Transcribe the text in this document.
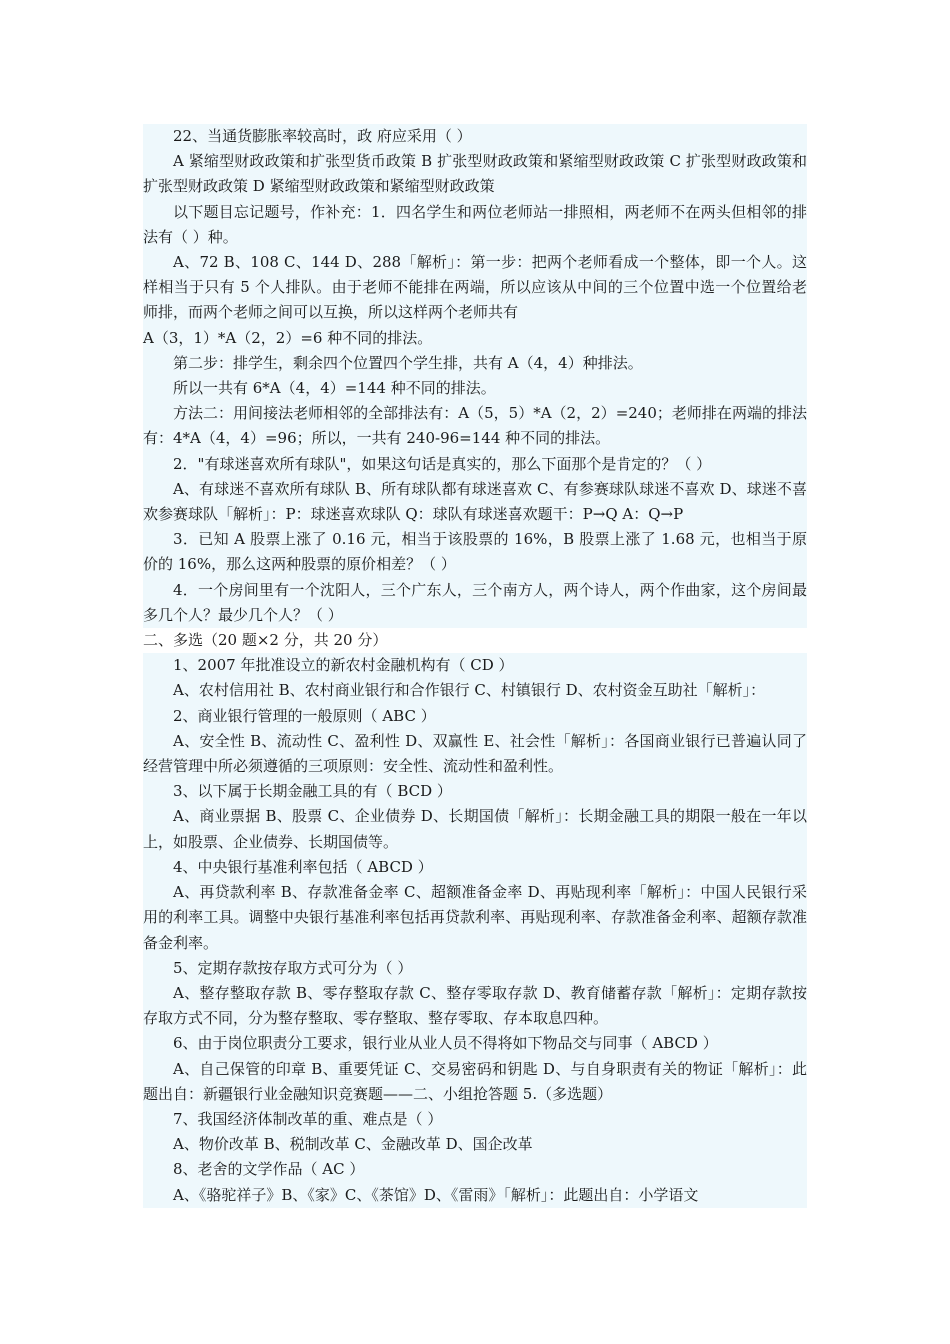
22、当通货膨胀率较高时，政 府应采用（ ）

A 紧缩型财政政策和扩张型货币政策 B 扩张型财政政策和紧缩型财政政策 C 扩张型财政政策和扩张型财政政策 D 紧缩型财政政策和紧缩型财政政策

以下题目忘记题号，作补充：1．四名学生和两位老师站一排照相，两老师不在两头但相邻的排法有（ ）种。

A、72 B、108 C、144 D、288「解析」：第一步：把两个老师看成一个整体，即一个人。这样相当于只有 5 个人排队。由于老师不能排在两端，所以应该从中间的三个位置中选一个位置给老师排，而两个老师之间可以互换，所以这样两个老师共有

A（3，1）*A（2，2）=6 种不同的排法。

第二步：排学生，剩余四个位置四个学生排，共有 A（4，4）种排法。

所以一共有 6*A（4，4）=144 种不同的排法。

方法二：用间接法老师相邻的全部排法有：A（5，5）*A（2，2）=240；老师排在两端的排法有：4*A（4，4）=96；所以，一共有 240-96=144 种不同的排法。

2．"有球迷喜欢所有球队"，如果这句话是真实的，那么下面那个是肯定的？（ ）

A、有球迷不喜欢所有球队 B、所有球队都有球迷喜欢 C、有参赛球队球迷不喜欢 D、球迷不喜欢参赛球队「解析」：P：球迷喜欢球队 Q：球队有球迷喜欢题干：P→Q A：Q→P

3．已知 A 股票上涨了 0.16 元，相当于该股票的 16%，B 股票上涨了 1.68 元，也相当于原价的 16%，那么这两种股票的原价相差？（ ）

4．一个房间里有一个沈阳人，三个广东人，三个南方人，两个诗人，两个作曲家，这个房间最多几个人？最少几个人？（ ）

二、多选（20 题×2 分，共 20 分）

1、2007 年批准设立的新农村金融机构有（ CD ）

A、农村信用社 B、农村商业银行和合作银行 C、村镇银行 D、农村资金互助社「解析」：

2、商业银行管理的一般原则（ ABC ）

A、安全性 B、流动性 C、盈利性 D、双赢性 E、社会性「解析」：各国商业银行已普遍认同了经营管理中所必须遵循的三项原则：安全性、流动性和盈利性。

3、以下属于长期金融工具的有（ BCD ）

A、商业票据 B、股票 C、企业债券 D、长期国债「解析」：长期金融工具的期限一般在一年以上，如股票、企业债券、长期国债等。

4、中央银行基准利率包括（ ABCD ）

A、再贷款利率 B、存款准备金率 C、超额准备金率 D、再贴现利率「解析」：中国人民银行采用的利率工具。调整中央银行基准利率包括再贷款利率、再贴现利率、存款准备金利率、超额存款准备金利率。

5、定期存款按存取方式可分为（ ）

A、整存整取存款 B、零存整取存款 C、整存零取存款 D、教育储蓄存款「解析」：定期存款按存取方式不同，分为整存整取、零存整取、整存零取、存本取息四种。

6、由于岗位职责分工要求，银行业从业人员不得将如下物品交与同事（ ABCD ）

A、自己保管的印章 B、重要凭证 C、交易密码和钥匙 D、与自身职责有关的物证「解析」：此题出自：新疆银行业金融知识竞赛题——二、小组抢答题 5.（多选题）

7、我国经济体制改革的重、难点是（ ）

A、物价改革 B、税制改革 C、金融改革 D、国企改革

8、老舍的文学作品（ AC ）

A、《骆驼祥子》B、《家》C、《茶馆》D、《雷雨》「解析」：此题出自：小学语文
